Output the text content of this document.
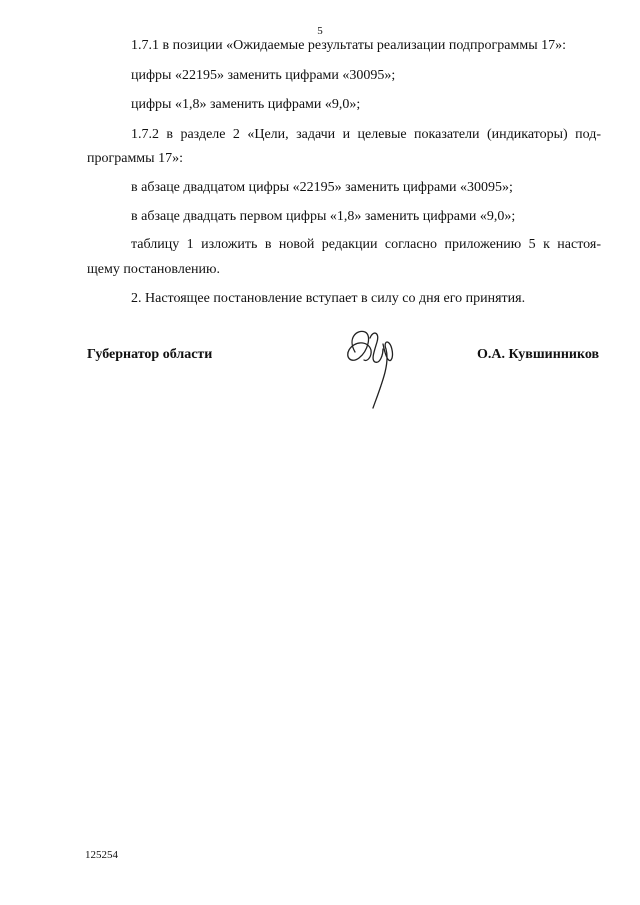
5
1.7.1 в позиции «Ожидаемые результаты реализации подпрограммы 17»:
цифры «22195» заменить цифрами «30095»;
цифры «1,8» заменить цифрами «9,0»;
1.7.2 в разделе 2 «Цели, задачи и целевые показатели (индикаторы) под-
программы 17»:
в абзаце двадцатом цифры «22195» заменить цифрами «30095»;
в абзаце двадцать первом цифры «1,8» заменить цифрами «9,0»;
таблицу 1 изложить в новой редакции согласно приложению 5 к настоя-
щему постановлению.
2. Настоящее постановление вступает в силу со дня его принятия.
Губернатор области	О.А. Кувшинников
125254
